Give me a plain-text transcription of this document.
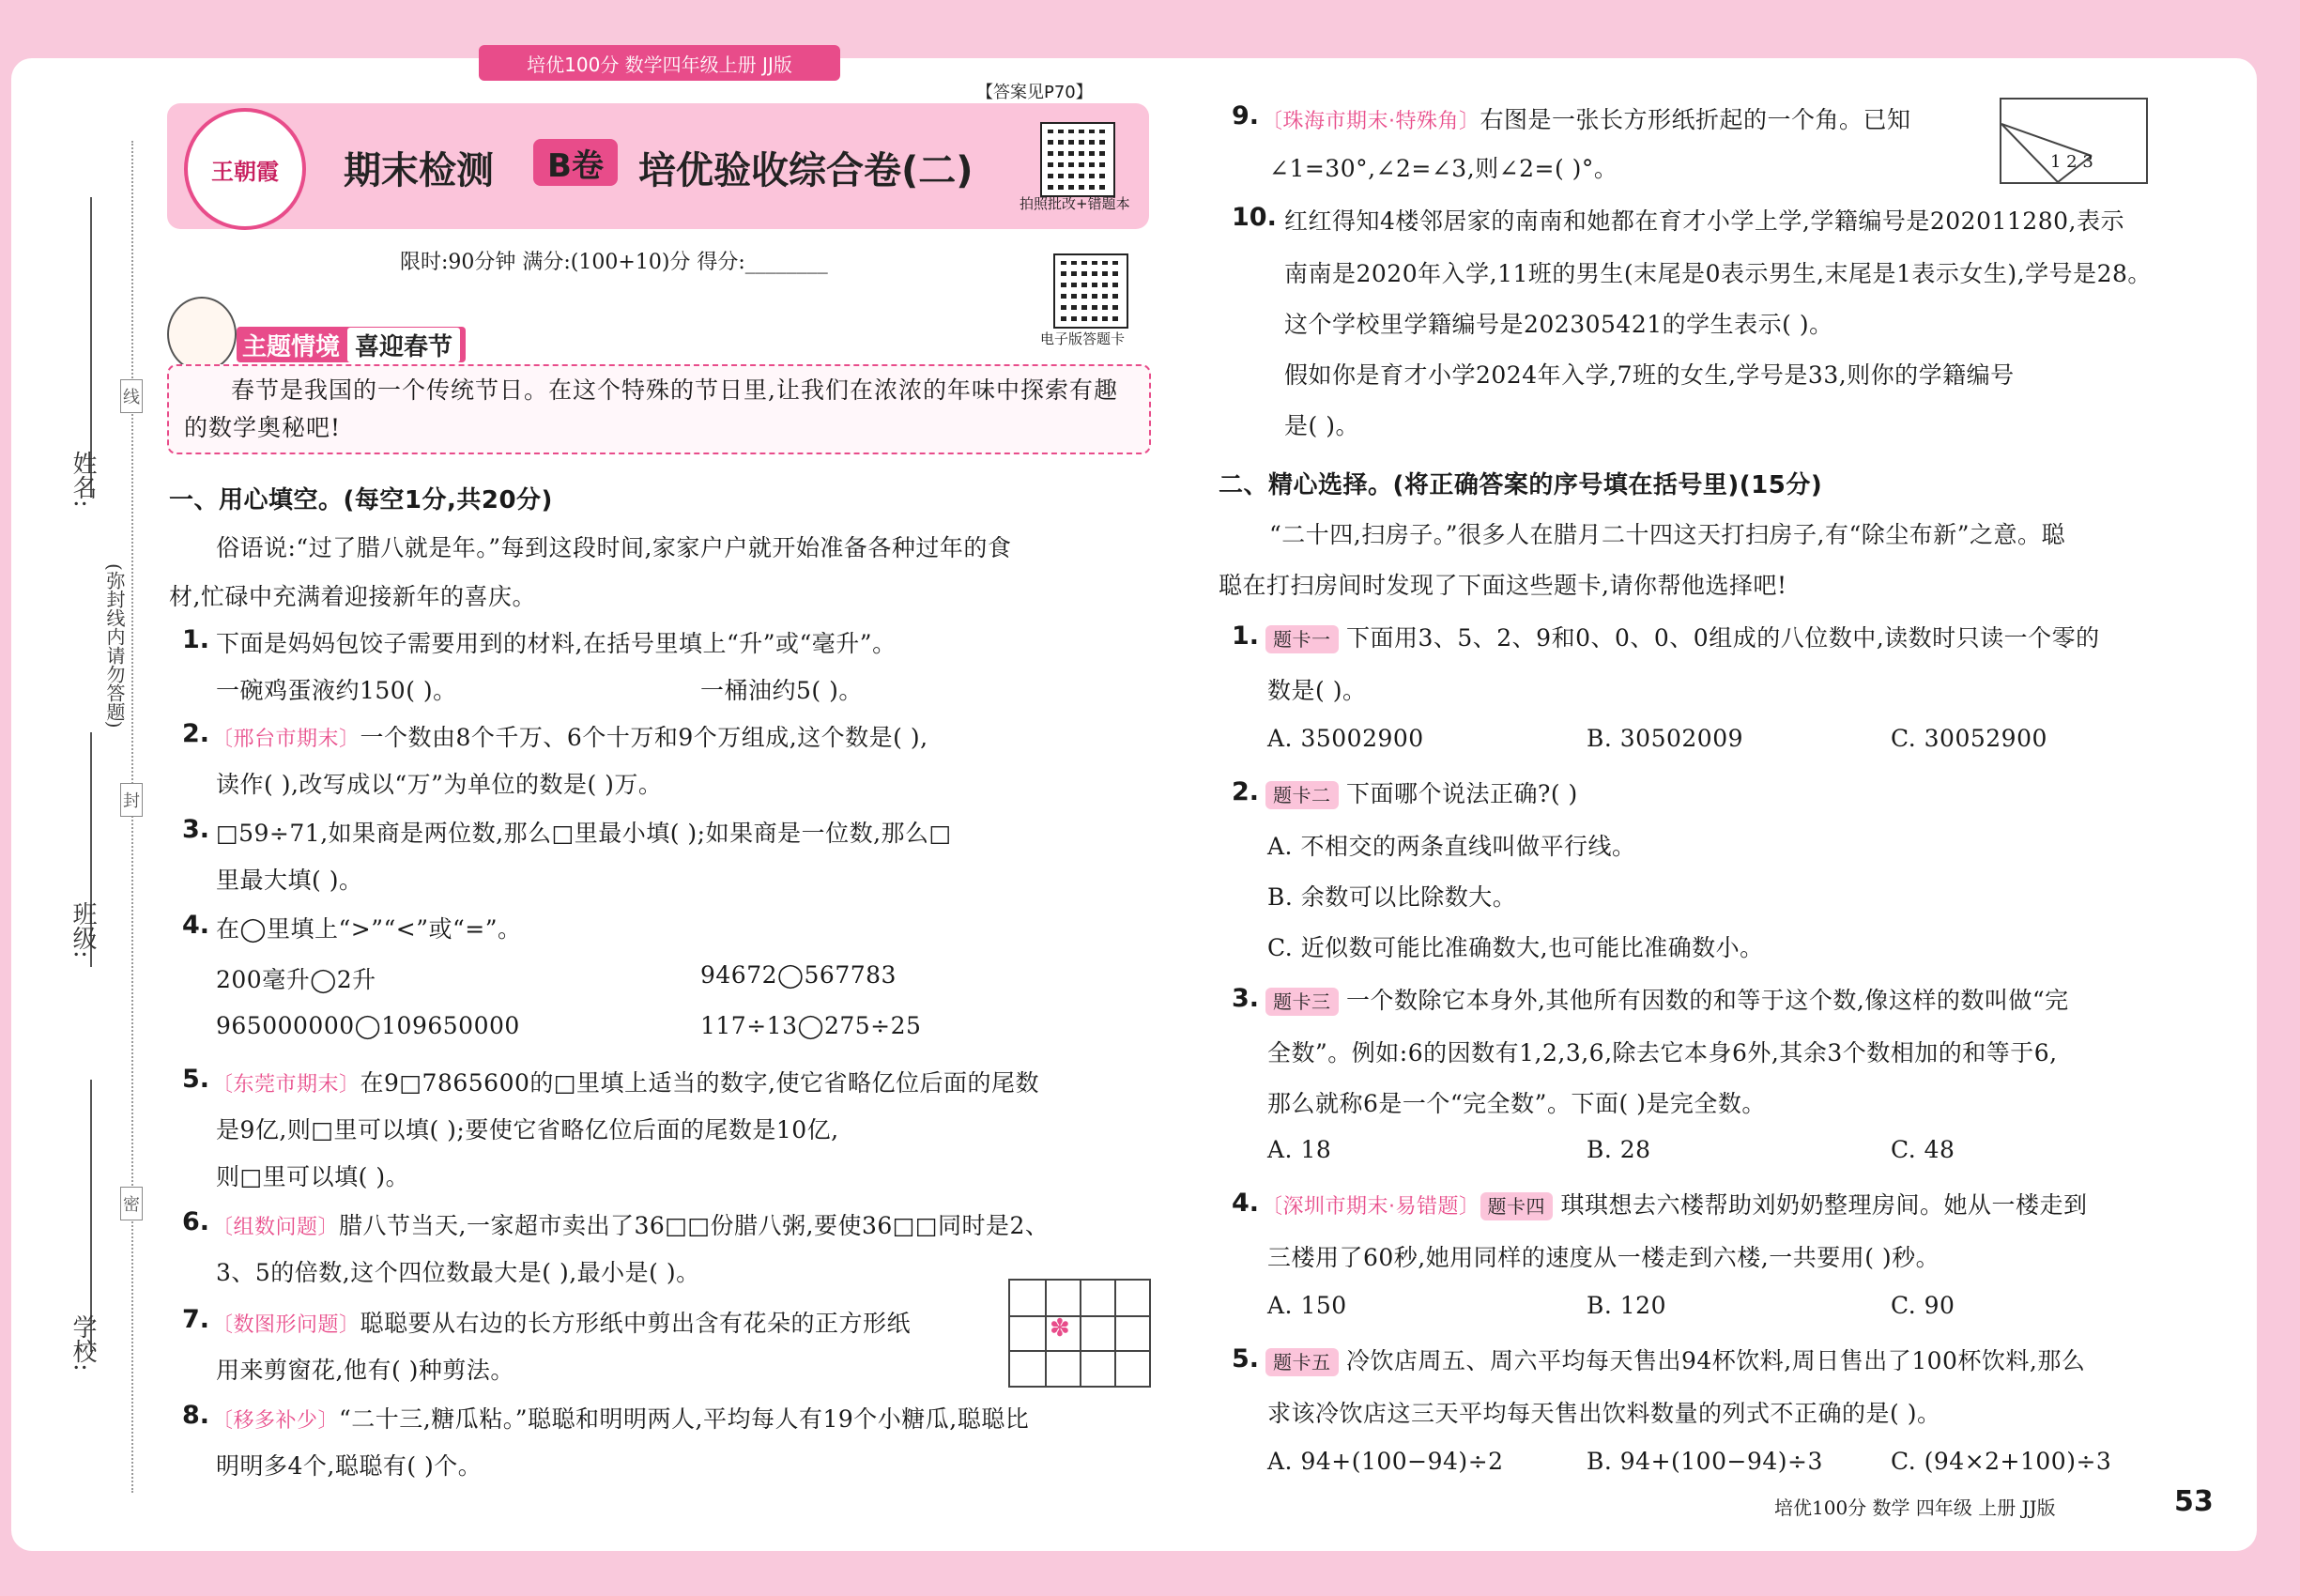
培优100分 数学四年级上册 JJ版
姓名:
班级:
学校:
(弥封线内请勿答题)
线
封
密
王朝霞	期末检测	B卷 培优验收综合卷(二)
【答案见P70】
拍照批改+错题本
电子版答题卡
限时:90分钟 满分:(100+10)分 得分:________
主题情境 喜迎春节
春节是我国的一个传统节日。在这个特殊的节日里,让我们在浓浓的年味中探索有趣的数学奥秘吧!
一、用心填空。(每空1分,共20分)
俗语说:“过了腊八就是年。”每到这段时间,家家户户就开始准备各种过年的食
材,忙碌中充满着迎接新年的喜庆。
1. 下面是妈妈包饺子需要用到的材料,在括号里填上“升”或“毫升”。
一碗鸡蛋液约150( )。	一桶油约5( )。
2. 〔邢台市期末〕一个数由8个千万、6个十万和9个万组成,这个数是( ),
读作( ),改写成以“万”为单位的数是( )万。
3. □59÷71,如果商是两位数,那么□里最小填( );如果商是一位数,那么□
里最大填( )。
4. 在◯里填上“>”“<”或“=”。
200毫升◯2升	94672◯567783
965000000◯109650000	117÷13◯275÷25
5. 〔东莞市期末〕在9□7865600的□里填上适当的数字,使它省略亿位后面的尾数
是9亿,则□里可以填( );要使它省略亿位后面的尾数是10亿,
则□里可以填( )。
6. 〔组数问题〕腊八节当天,一家超市卖出了36□□份腊八粥,要使36□□同时是2、
3、5的倍数,这个四位数最大是( ),最小是( )。
7. 〔数图形问题〕聪聪要从右边的长方形纸中剪出含有花朵的正方形纸
用来剪窗花,他有( )种剪法。
✽
8. 〔移多补少〕“二十三,糖瓜粘。”聪聪和明明两人,平均每人有19个小糖瓜,聪聪比
明明多4个,聪聪有( )个。
9. 〔珠海市期末·特殊角〕右图是一张长方形纸折起的一个角。已知
∠1=30°,∠2=∠3,则∠2=( )°。	1 2 3
10. 红红得知4楼邻居家的南南和她都在育才小学上学,学籍编号是202011280,表示
南南是2020年入学,11班的男生(末尾是0表示男生,末尾是1表示女生),学号是28。
这个学校里学籍编号是202305421的学生表示( )。
假如你是育才小学2024年入学,7班的女生,学号是33,则你的学籍编号
是( )。
二、精心选择。(将正确答案的序号填在括号里)(15分)
“二十四,扫房子。”很多人在腊月二十四这天打扫房子,有“除尘布新”之意。聪
聪在打扫房间时发现了下面这些题卡,请你帮他选择吧!
1. 题卡一 下面用3、5、2、9和0、0、0、0组成的八位数中,读数时只读一个零的
数是( )。
A. 35002900	B. 30502009	C. 30052900
2. 题卡二 下面哪个说法正确?( )
A. 不相交的两条直线叫做平行线。
B. 余数可以比除数大。
C. 近似数可能比准确数大,也可能比准确数小。
3. 题卡三 一个数除它本身外,其他所有因数的和等于这个数,像这样的数叫做“完
全数”。例如:6的因数有1,2,3,6,除去它本身6外,其余3个数相加的和等于6,
那么就称6是一个“完全数”。下面( )是完全数。
A. 18	B. 28	C. 48
4. 〔深圳市期末·易错题〕 题卡四 琪琪想去六楼帮助刘奶奶整理房间。她从一楼走到
三楼用了60秒,她用同样的速度从一楼走到六楼,一共要用( )秒。
A. 150	B. 120	C. 90
5. 题卡五 冷饮店周五、周六平均每天售出94杯饮料,周日售出了100杯饮料,那么
求该冷饮店这三天平均每天售出饮料数量的列式不正确的是( )。
A. 94+(100−94)÷2	B. 94+(100−94)÷3	C. (94×2+100)÷3
培优100分 数学 四年级 上册 JJ版	53
